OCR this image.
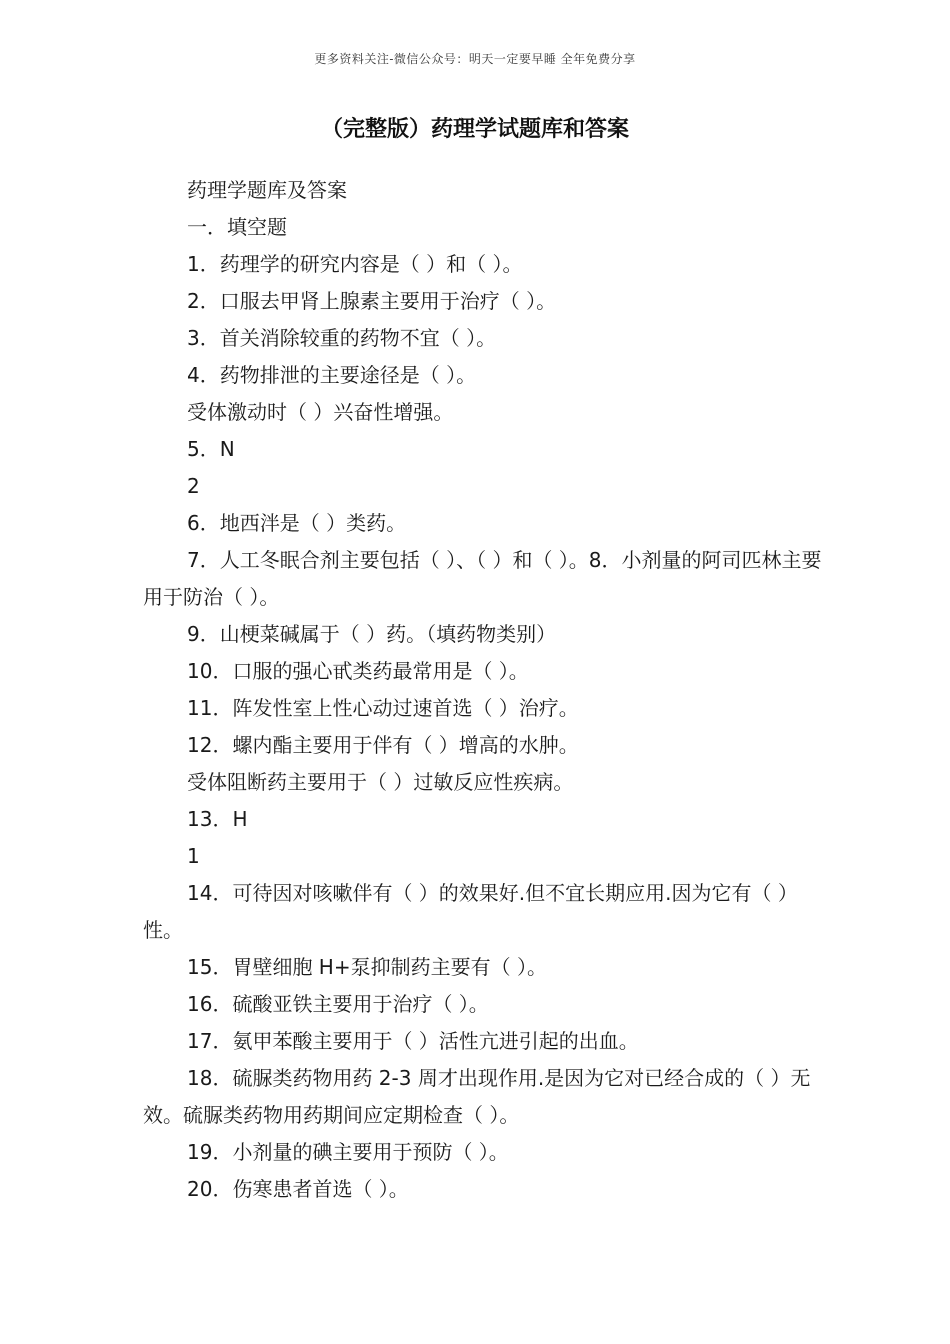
更多资料关注-微信公众号：明天一定要早睡 全年免费分享
（完整版）药理学试题库和答案

药理学题库及答案

一．填空题

1．药理学的研究内容是（ ）和（ ）。

2．口服去甲肾上腺素主要用于治疗（ ）。

3．首关消除较重的药物不宜（ ）。

4．药物排泄的主要途径是（ ）。

受体激动时（ ）兴奋性增强。

5．N

2

6．地西泮是（ ）类药。

7．人工冬眠合剂主要包括（ ）、（ ）和（ ）。8．小剂量的阿司匹林主要用于防治（ ）。

9．山梗菜碱属于（ ）药。（填药物类别）

10．口服的强心甙类药最常用是（ ）。

11．阵发性室上性心动过速首选（ ）治疗。

12．螺内酯主要用于伴有（ ）增高的水肿。

受体阻断药主要用于（ ）过敏反应性疾病。

13．H

1

14．可待因对咳嗽伴有（ ）的效果好.但不宜长期应用.因为它有（ ）性。

15．胃壁细胞 H+泵抑制药主要有（ ）。

16．硫酸亚铁主要用于治疗（ ）。

17．氨甲苯酸主要用于（ ）活性亢进引起的出血。

18．硫脲类药物用药 2-3 周才出现作用.是因为它对已经合成的（ ）无效。硫脲类药物用药期间应定期检查（ ）。

19．小剂量的碘主要用于预防（ ）。

20．伤寒患者首选（ ）。
